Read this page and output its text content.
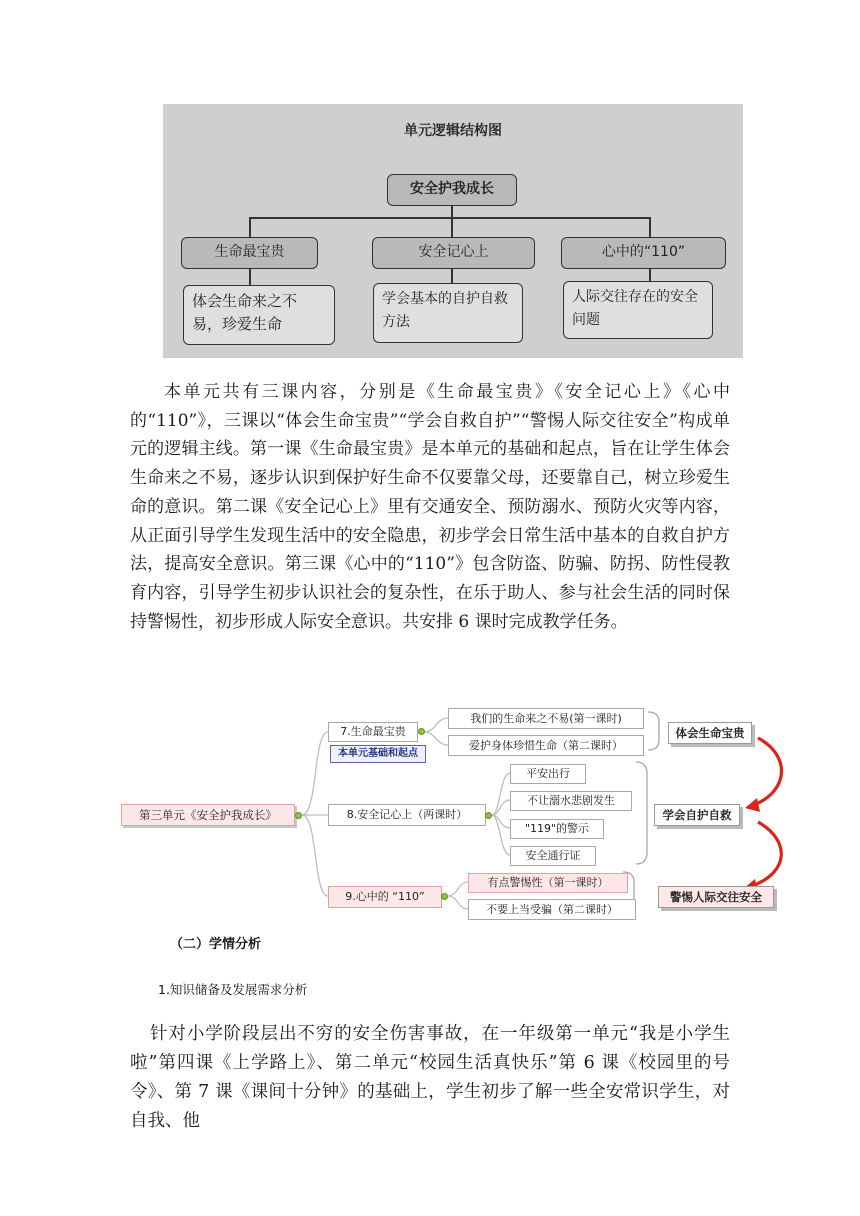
单元逻辑结构图
安全护我成长
生命最宝贵	安全记心上	心中的“110”
体会生命来之不易，珍爱生命
学会基本的自护自救方法
人际交往存在的安全问题

本单元共有三课内容，分别是《生命最宝贵》《安全记心上》《心中的“110”》，三课以“体会生命宝贵”“学会自救自护”“警惕人际交往安全”构成单元的逻辑主线。第一课《生命最宝贵》是本单元的基础和起点，旨在让学生体会生命来之不易，逐步认识到保护好生命不仅要靠父母，还要靠自己，树立珍爱生命的意识。第二课《安全记心上》里有交通安全、预防溺水、预防火灾等内容，从正面引导学生发现生活中的安全隐患，初步学会日常生活中基本的自救自护方法，提高安全意识。第三课《心中的“110”》包含防盗、防骗、防拐、防性侵教育内容，引导学生初步认识社会的复杂性，在乐于助人、参与社会生活的同时保持警惕性，初步形成人际安全意识。共安排 6 课时完成教学任务。

第三单元《安全护我成长》
7.生命最宝贵
本单元基础和起点
8.安全记心上（两课时）
9.心中的 “110”
我们的生命来之不易(第一课时)
爱护身体珍惜生命（第二课时）
平安出行
不让溺水悲剧发生
"119"的警示
安全通行证
有点警惕性（第一课时）
不要上当受骗（第二课时）
体会生命宝贵
学会自护自救
警惕人际交往安全
（二）学情分析
1.知识储备及发展需求分析

针对小学阶段层出不穷的安全伤害事故，在一年级第一单元“我是小学生啦”第四课《上学路上》、第二单元“校园生活真快乐”第 6 课《校园里的号令》、第 7 课《课间十分钟》的基础上，学生初步了解一些全安常识学生，对自我、他
